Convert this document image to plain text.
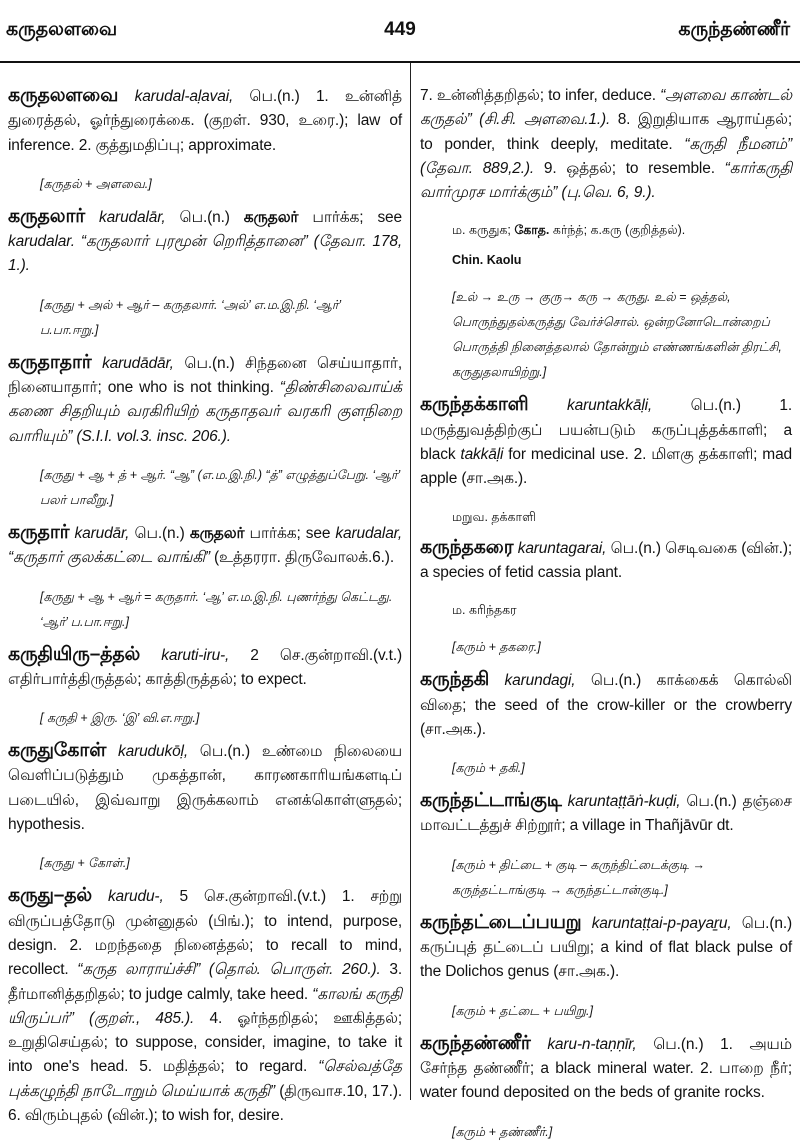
கருதலளவை	449	கருந்தண்ணீர்

கருதலளவை karudal-aḷavai, பெ.(n.) 1. உன்னித் துரைத்தல், ஓர்ந்துரைக்கை. (குறள். 930, உரை.); law of inference. 2. குத்துமதிப்பு; approximate.

[கருதல் + அளவை.]

கருதலார் karudalār, பெ.(n.) கருதலர் பார்க்க; see karudalar. “கருதலார் புரமூன் றெரித்தானை” (தேவா. 178, 1.).

[கருது + அல் + ஆர் – கருதலார். ‘அல்’ எ.ம.இ.நி. ‘ஆர்’ ப.பா.ஈறு.]

கருதாதார் karudādār, பெ.(n.) சிந்தனை செய்யாதார், நினையாதார்; one who is not thinking. “திண்சிலைவாய்க் கணை சிதறியும் வரகிரியிற் கருதாதவர் வரகரி குளநிறை வாரியும்” (S.I.I. vol.3. insc. 206.).

[கருது + ஆ + த் + ஆர். “ஆ” (எ.ம.இ.நி.) “த்” எழுத்துப்பேறு. ‘ஆர்’ பலர் பாலீறு.]

கருதார் karudār, பெ.(n.) கருதலர் பார்க்க; see karudalar, “கருதார் குலக்கட்டை வாங்கி” (உத்தரரா. திருவோலக்.6.).

[கருது + ஆ + ஆர் = கருதார். ‘ஆ’ எ.ம.இ.நி. புணர்ந்து கெட்டது. ‘ஆர்’ ப.பா.ஈறு.]

கருதியிரு–த்தல் karuti-iru-, 2 செ.குன்றாவி.(v.t.) எதிர்பார்த்திருத்தல்; காத்திருத்தல்; to expect.

[ கருதி + இரு. ‘இ’ வி.எ.ஈறு.]

கருதுகோள் karudukōḷ, பெ.(n.) உண்மை நிலையை வெளிப்படுத்தும் முகத்தான், காரணகாரியங்களடிப் படையில், இவ்வாறு இருக்கலாம் எனக்கொள்ளுதல்; hypothesis.

[கருது + கோள்.]

கருது–தல் karudu-, 5 செ.குன்றாவி.(v.t.) 1. சற்று விருப்பத்தோடு முன்னுதல் (பிங்.); to intend, purpose, design. 2. மறந்ததை நினைத்தல்; to recall to mind, recollect. “கருத லாராய்ச்சி” (தொல். பொருள். 260.). 3. தீர்மானித்தறிதல்; to judge calmly, take heed. “காலங் கருதி யிருப்பர்” (குறள்., 485.). 4. ஓர்ந்தறிதல்; ஊகித்தல்; உறுதிசெய்தல்; to suppose, consider, imagine, to take it into one's head. 5. மதித்தல்; to regard. “செல்வத்தே புக்கழுந்தி நாடோறும் மெய்யாக் கருதி” (திருவாச.10, 17.). 6. விரும்புதல் (வின்.); to wish for, desire.

7. உன்னித்தறிதல்; to infer, deduce. “அளவை காண்டல் கருதல்” (சி.சி. அளவை.1.). 8. இறுதியாக ஆராய்தல்; to ponder, think deeply, meditate. “கருதி நீமனம்” (தேவா. 889,2.). 9. ஒத்தல்; to resemble. “கார்கருதி வார்முரச மார்க்கும்” (பு.வெ. 6, 9.).

ம. கருதுக; கோத. கர்ந்த்; க.கரு (குறித்தல்).

Chin. Kaolu

[உல் → உரு → குரு→ கரு → கருது. உல் = ஒத்தல், பொருந்துதல்கருத்து வேர்ச்சொல். ஒன்றனோடொன்றைப் பொருத்தி நினைத்தலால் தோன்றும் எண்ணங்களின் திரட்சி, கருதுதலாயிற்று.]

கருந்தக்காளி karuntakkāḷi, பெ.(n.) 1. மருத்துவத்திற்குப் பயன்படும் கருப்புத்தக்காளி; a black takkāḷi for medicinal use. 2. மிளகு தக்காளி; mad apple (சா.அக.).

மறுவ. தக்காளி

கருந்தகரை karuntagarai, பெ.(n.) செடிவகை (வின்.); a species of fetid cassia plant.

ம. கரிந்தகர

[கரும் + தகரை.]

கருந்தகி karundagi, பெ.(n.) காக்கைக் கொல்லி விதை; the seed of the crow-killer or the crowberry (சா.அக.).

[கரும் + தகி.]

கருந்தட்டாங்குடி karuntaṭṭāṅ-kuḍi, பெ.(n.) தஞ்சை மாவட்டத்துச் சிற்றூர்; a village in Thañjāvūr dt.

[கரும் + திட்டை + குடி – கருந்திட்டைக்குடி → கருந்தட்டாங்குடி → கருந்தட்டான்குடி.]

கருந்தட்டைப்பயறு karuntaṭṭai-p-payaṟu, பெ.(n.) கருப்புத் தட்டைப் பயிறு; a kind of flat black pulse of the Dolichos genus (சா.அக.).

[கரும் + தட்டை + பயிறு.]

கருந்தண்ணீர் karu-n-taṇṇīr, பெ.(n.) 1. அயம் சேர்ந்த தண்ணீர்; a black mineral water. 2. பாறை நீர்; water found deposited on the beds of granite rocks.

[கரும் + தண்ணீர்.]
